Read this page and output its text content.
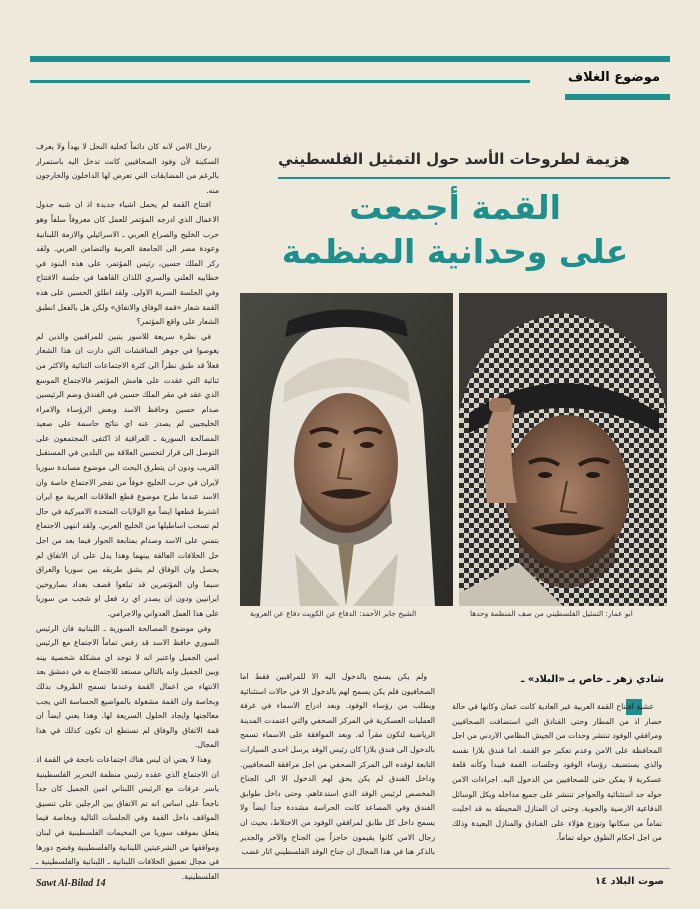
موضوع الغلاف

رجال الامن لانه كان دائماً كخلية النحل لا يهدأ ولا يعرف السكينة لأن وفود الصحافيين كانت تدخل اليه باستمرار بالرغم من المضايقات التي تعرض لها الداخلون والخارجون منه.

افتتاح القمة لم يحمل اشياء جديدة اذ ان شبه جدول الاعمال الذي ادرجه المؤتمر للعمل كان معروفاً سلفاً وهو حرب الخليج والصراع العربي ـ الاسرائيلي والازمة اللبنانية وعودة مصر الى الجامعة العربية والتضامن العربي. ولقد ركز الملك حسين، رئيس المؤتمر، على هذه البنود في خطابيه العلني والسري اللذان القاهما في جلسة الافتتاح وفي الجلسة السرية الاولى. ولقد اطلق الحسين على هذه القمة شعار «قمة الوفاق والاتفاق» ولكن هل بالفعل انطبق الشعار على واقع المؤتمر؟

في نظرة سريعة للاسور يتبين للمراقبين والذين لم يغوصوا في جوهر المناقشات التي دارت ان هذا الشعار فعلاً قد طبق نظراً الى كثرة الاجتماعات الثنائية والاكثر من ثنائية التي عقدت على هامش المؤتمر فالاجتماع الموسع الذي عقد في مقر الملك حسين في الفندق وضم الرئيسين صدام حسين وحافظ الاسد وبعض الرؤساء والامراء الخليجيين لم يصدر عنه اي نتائج حاسمة على صعيد المصالحة السورية ـ العراقية اذ اكتفى المجتمعون على التوصل الى قرار لتحسين العلاقة بين البلدين في المستقبل القريب ودون ان يتطرق البحث الى موضوع مساندة سوريا لايران في حرب الخليج خوفاً من تفجر الاجتماع خاصة وان الاسد عندما طرح موضوع قطع العلاقات العربية مع ايران اشترط قطعها ايضاً مع الولايات المتحدة الاميركية في حال لم تسحب اساطيلها من الخليج العربي. ولقد انتهى الاجتماع بتمني على الاسد وصدام بمتابعة الحوار فيما بعد من اجل حل الخلافات العالقة بينهما وهذا يدل على ان الاتفاق لم يحصل وان الوفاق لم يشق طريقه بين سوريا والعراق سيما وان المؤتمرين قد تبلغوا قصف بغداد بصاروخين ايرانيين ودون ان يصدر اي رد فعل او شجب من سوريا على هذا العمل العدواني والاجرامي.

وفي موضوع المصالحة السورية ـ اللبنانية فان الرئيس السوري حافظ الاسد قد رفض تماماً الاجتماع مع الرئيس امين الجميل واعتبر انه لا توجد اي مشكلة شخصية بينه وبين الجميل وانه بالتالي مستعد للاجتماع به في دمشق بعد الانتهاء من اعمال القمة وعندما تسمح الظروف بذلك وبخاصة وان القمة مشغولة بالمواضيع الحساسة التي يجب معالجتها وايجاد الحلول السريعة لها. وهذا يعني ايضاً ان قمة الاتفاق والوفاق لم تستطع ان تكون كذلك في هذا المجال.

وهذا لا يعني ان ليس هناك اجتماعات ناجحة في القمة اذ ان الاجتماع الذي عقده رئيس منظمة التحرير الفلسطينية ياسر عرفات مع الرئيس اللبناني امين الجميل كان جداً ناجحاً على اساس انه تم الاتفاق بين الرجلين على تنسيق المواقف داخل القمة وفي الجلسات التالية وبخاصة فيما يتعلق بموقف سوريا من المخيمات الفلسطينية في لبنان وموافقها من الشرعيتين اللبنانية والفلسطينية وفضح دورها في مجال تعميق الخلافات اللبنانية ـ اللبنانية والفلسطينية ـ الفلسطينية.

هزيمة لطروحات الأسد حول التمثيل الفلسطيني
القمة أجمعت
على وحدانية المنظمة
الشيخ جابر الأحمد: الدفاع عن الكويت دفاع عن العروبة	ابو عمار: التمثيل الفلسطيني من صف المنظمة وحدها

ولم يكن يسمح بالدخول اليه الا للمراقبين فقط اما الصحافيون فلم يكن يسمح لهم بالدخول الا في حالات استثنائية ويطلب من رؤساء الوفود. وبعد ادراج الاسماء في غرفة العمليات العسكرية في المركز الصحفي والتي اعتمدت المدينة الرياضية لتكون مقراً له. وبعد الموافقة على الاسماء تسمح بالدخول الى فندق بلازا كان رئيس الوفد يرسل احدى السيارات التابعة لوفده الى المركز الصحفي من اجل مرافقة الصحافيين. وداخل الفندق لم يكن يحق لهم الدخول الا الى الجناح المخصص لرئيس الوفد الذي استدعاهم. وحتى داخل طوابق الفندق وفي المصاعد كانت الحراسة مشددة جداً ايضاً ولا يسمح داخل كل طابق لمرافقي الوفود من الاختلاط، بحيث ان رجال الامن كانوا يقيمون حاجزاً بين الجناح والآخر والجدير بالذكر هنا في هذا المجال ان جناح الوفد الفلسطيني اثار غضب

شادي زهر ـ خاص بـ «البلاد» ـ

عشية افتتاح القمة العربية غير العادية كانت عمان وكانها في حالة حصار اذ من المطار وحتى الفنادق التي استضافت الصحافيين ومرافقي الوفود تنتشر وحدات من الجيش النظامي الاردني من اجل المحافظة على الامن وعدم تعكير جو القمة. اما فندق بلازا نفسه والذي يستضيف رؤساء الوفود وجلسات القمة فيبدأ وكأنه قلعة عسكرية لا يمكن حتى للصحافيين من الدخول اليه. اجراءات الامن حوله جد استثنائية والحواجز تنتشر على جميع مداخله ويكل الوسائل الدفاعية الارضية والجوية. وحتى ان المنازل المحيطة به قد اخليت تماماً من سكانها وتوزع هؤلاء على الفنادق والمنازل البعيدة وذلك من اجل احكام الطوق حوله تماماً.

Sawt Al-Bilad 14	صوت البلاد ١٤
